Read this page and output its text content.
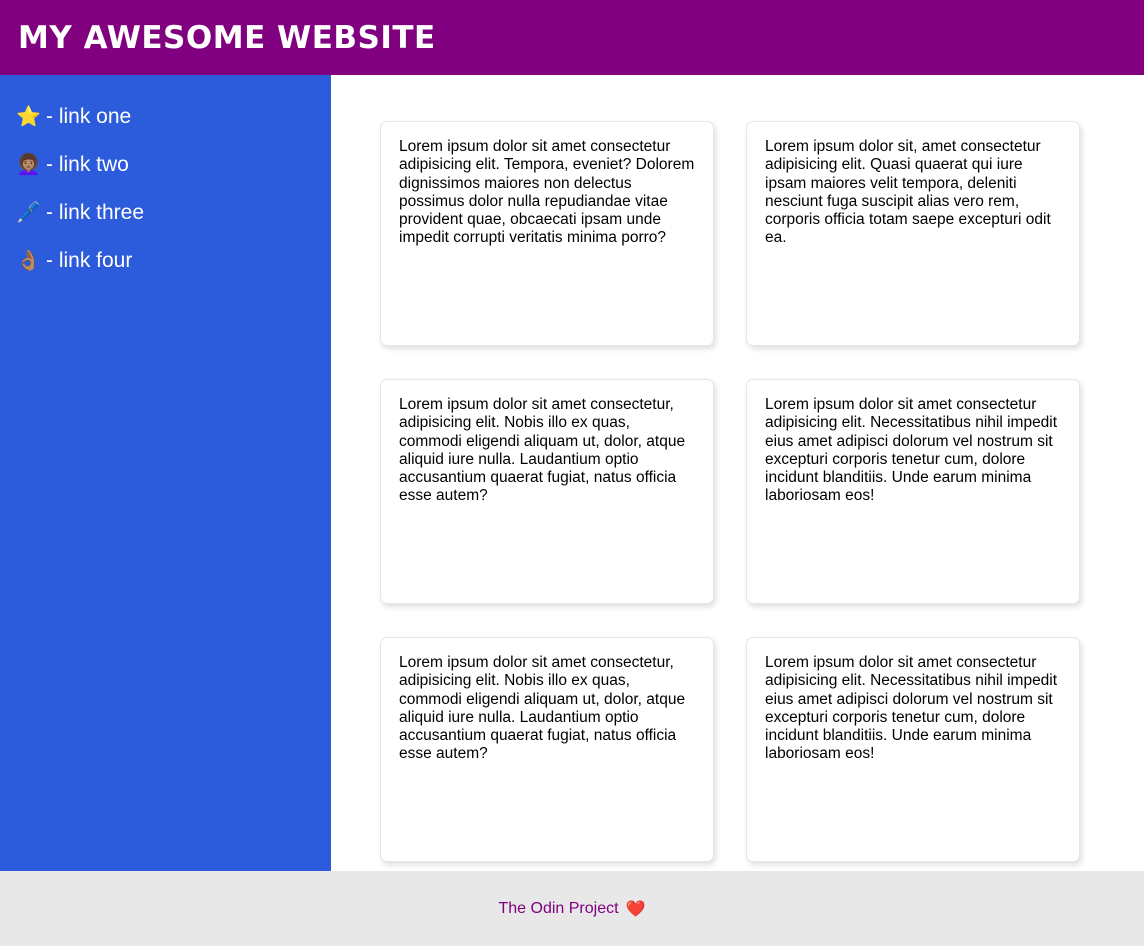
MY AWESOME WEBSITE
⭐ - link one
👩🏽‍🦱 - link two
🖊️ - link three
👌🏽 - link four
Lorem ipsum dolor sit amet consectetur adipisicing elit. Tempora, eveniet? Dolorem dignissimos maiores non delectus possimus dolor nulla repudiandae vitae provident quae, obcaecati ipsam unde impedit corrupti veritatis minima porro?
Lorem ipsum dolor sit, amet consectetur adipisicing elit. Quasi quaerat qui iure ipsam maiores velit tempora, deleniti nesciunt fuga suscipit alias vero rem, corporis officia totam saepe excepturi odit ea.
Lorem ipsum dolor sit amet consectetur, adipisicing elit. Nobis illo ex quas, commodi eligendi aliquam ut, dolor, atque aliquid iure nulla. Laudantium optio accusantium quaerat fugiat, natus officia esse autem?
Lorem ipsum dolor sit amet consectetur adipisicing elit. Necessitatibus nihil impedit eius amet adipisci dolorum vel nostrum sit excepturi corporis tenetur cum, dolore incidunt blanditiis. Unde earum minima laboriosam eos!
Lorem ipsum dolor sit amet consectetur, adipisicing elit. Nobis illo ex quas, commodi eligendi aliquam ut, dolor, atque aliquid iure nulla. Laudantium optio accusantium quaerat fugiat, natus officia esse autem?
Lorem ipsum dolor sit amet consectetur adipisicing elit. Necessitatibus nihil impedit eius amet adipisci dolorum vel nostrum sit excepturi corporis tenetur cum, dolore incidunt blanditiis. Unde earum minima laboriosam eos!
The Odin Project ❤️
